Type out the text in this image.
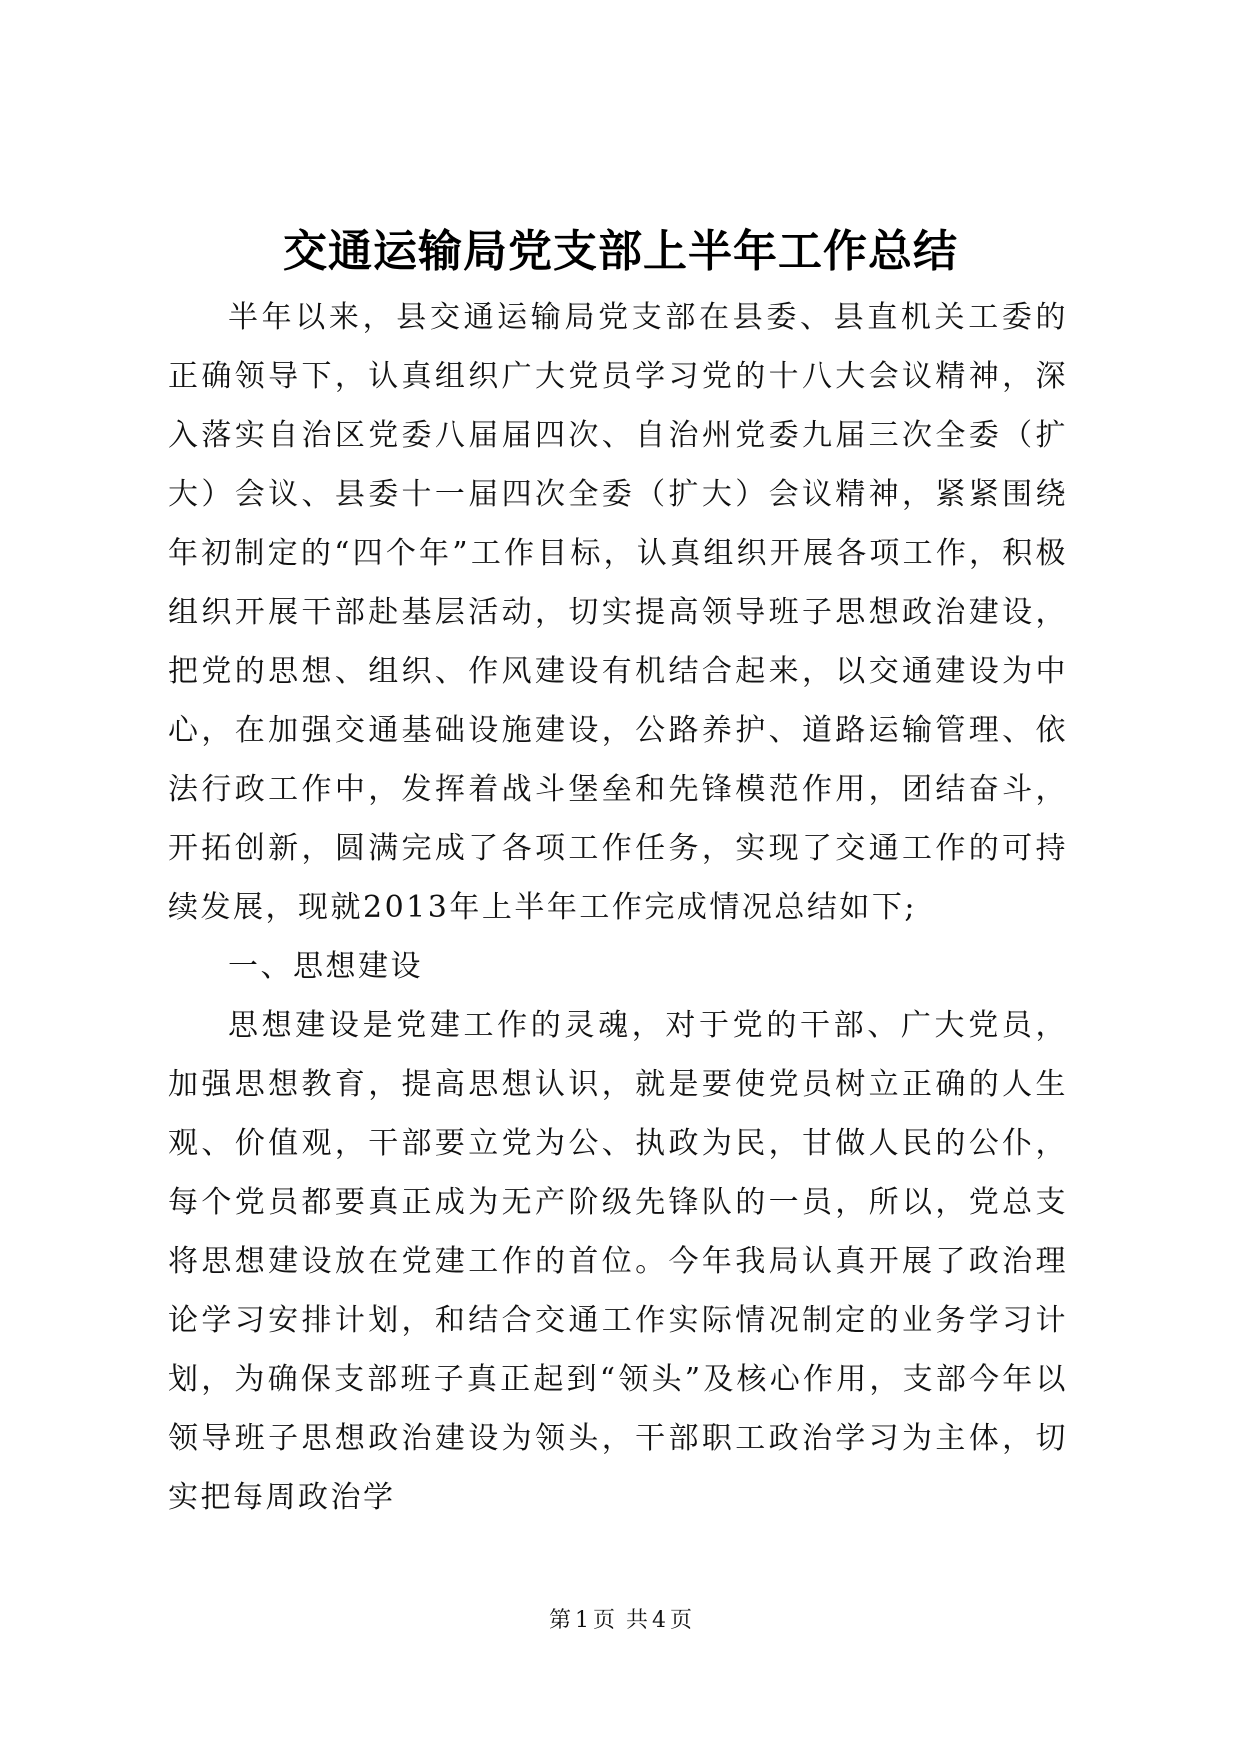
交通运输局党支部上半年工作总结

半年以来，县交通运输局党支部在县委、县直机关工委的正确领导下，认真组织广大党员学习党的十八大会议精神，深入落实自治区党委八届届四次、自治州党委九届三次全委（扩大）会议、县委十一届四次全委（扩大）会议精神，紧紧围绕年初制定的“四个年”工作目标，认真组织开展各项工作，积极组织开展干部赴基层活动，切实提高领导班子思想政治建设，把党的思想、组织、作风建设有机结合起来，以交通建设为中心，在加强交通基础设施建设，公路养护、道路运输管理、依法行政工作中，发挥着战斗堡垒和先锋模范作用，团结奋斗，开拓创新，圆满完成了各项工作任务，实现了交通工作的可持续发展，现就2013年上半年工作完成情况总结如下;

一、思想建设

思想建设是党建工作的灵魂，对于党的干部、广大党员，加强思想教育，提高思想认识，就是要使党员树立正确的人生观、价值观，干部要立党为公、执政为民，甘做人民的公仆，每个党员都要真正成为无产阶级先锋队的一员，所以，党总支将思想建设放在党建工作的首位。今年我局认真开展了政治理论学习安排计划，和结合交通工作实际情况制定的业务学习计划，为确保支部班子真正起到“领头”及核心作用，支部今年以领导班子思想政治建设为领头，干部职工政治学习为主体，切实把每周政治学

第 1 页 共 4 页
